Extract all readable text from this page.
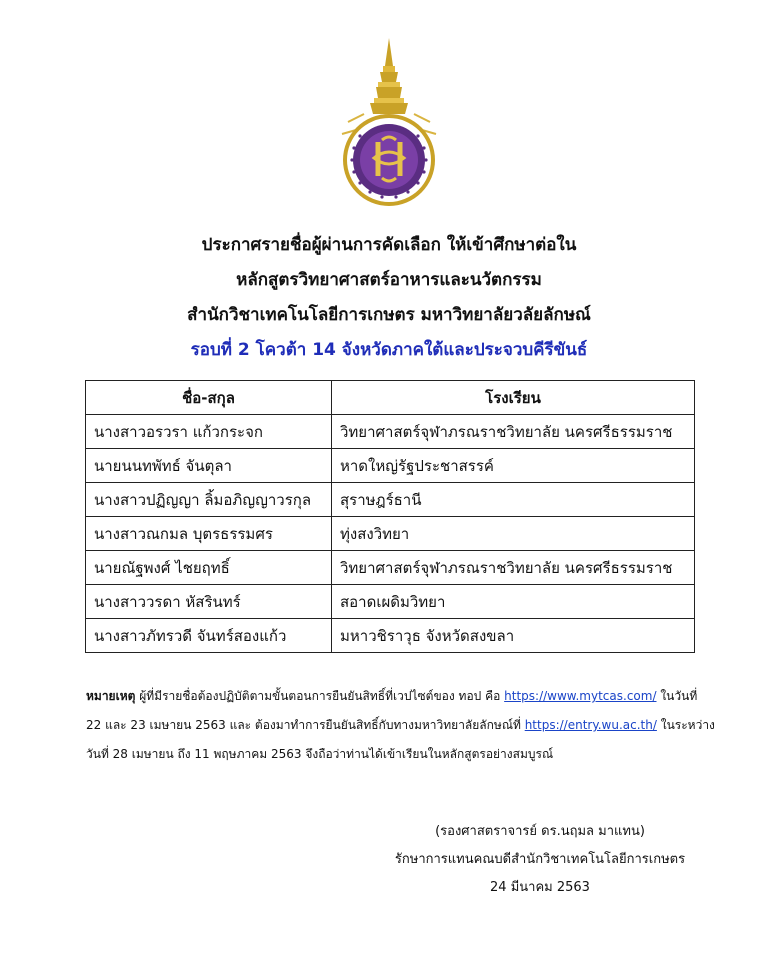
ประกาศรายชื่อผู้ผ่านการคัดเลือก ให้เข้าศึกษาต่อใน
หลักสูตรวิทยาศาสตร์อาหารและนวัตกรรม
สำนักวิชาเทคโนโลยีการเกษตร มหาวิทยาลัยวลัยลักษณ์
รอบที่ 2 โควต้า 14 จังหวัดภาคใต้และประจวบคีรีขันธ์
ชื่อ-สกุล	โรงเรียน
นางสาวอรวรา แก้วกระจก	วิทยาศาสตร์จุฬาภรณราชวิทยาลัย นครศรีธรรมราช
นายนนทพัทธ์ จันตุลา	หาดใหญ่รัฐประชาสรรค์
นางสาวปฏิญญา ลิ้มอภิญญาวรกุล	สุราษฎร์ธานี
นางสาวณกมล บุตรธรรมศร	ทุ่งสงวิทยา
นายณัฐพงศ์ ไชยฤทธิ์	วิทยาศาสตร์จุฬาภรณราชวิทยาลัย นครศรีธรรมราช
นางสาววรดา หัสรินทร์	สอาดเผดิมวิทยา
นางสาวภัทรวดี จันทร์สองแก้ว	มหาวชิราวุธ จังหวัดสงขลา
หมายเหตุ ผู้ที่มีรายชื่อต้องปฏิบัติตามขั้นตอนการยืนยันสิทธิ์ที่เวปไซต์ของ ทอป คือ https://www.mytcas.com/ ในวันที่
22 และ 23 เมษายน 2563 และ ต้องมาทำการยืนยันสิทธิ์กับทางมหาวิทยาลัยลักษณ์ที่ https://entry.wu.ac.th/ ในระหว่าง
วันที่ 28 เมษายน ถึง 11 พฤษภาคม 2563 จึงถือว่าท่านได้เข้าเรียนในหลักสูตรอย่างสมบูรณ์
(รองศาสตราจารย์ ดร.นฤมล มาแทน)
รักษาการแทนคณบดีสำนักวิชาเทคโนโลยีการเกษตร
24 มีนาคม 2563
